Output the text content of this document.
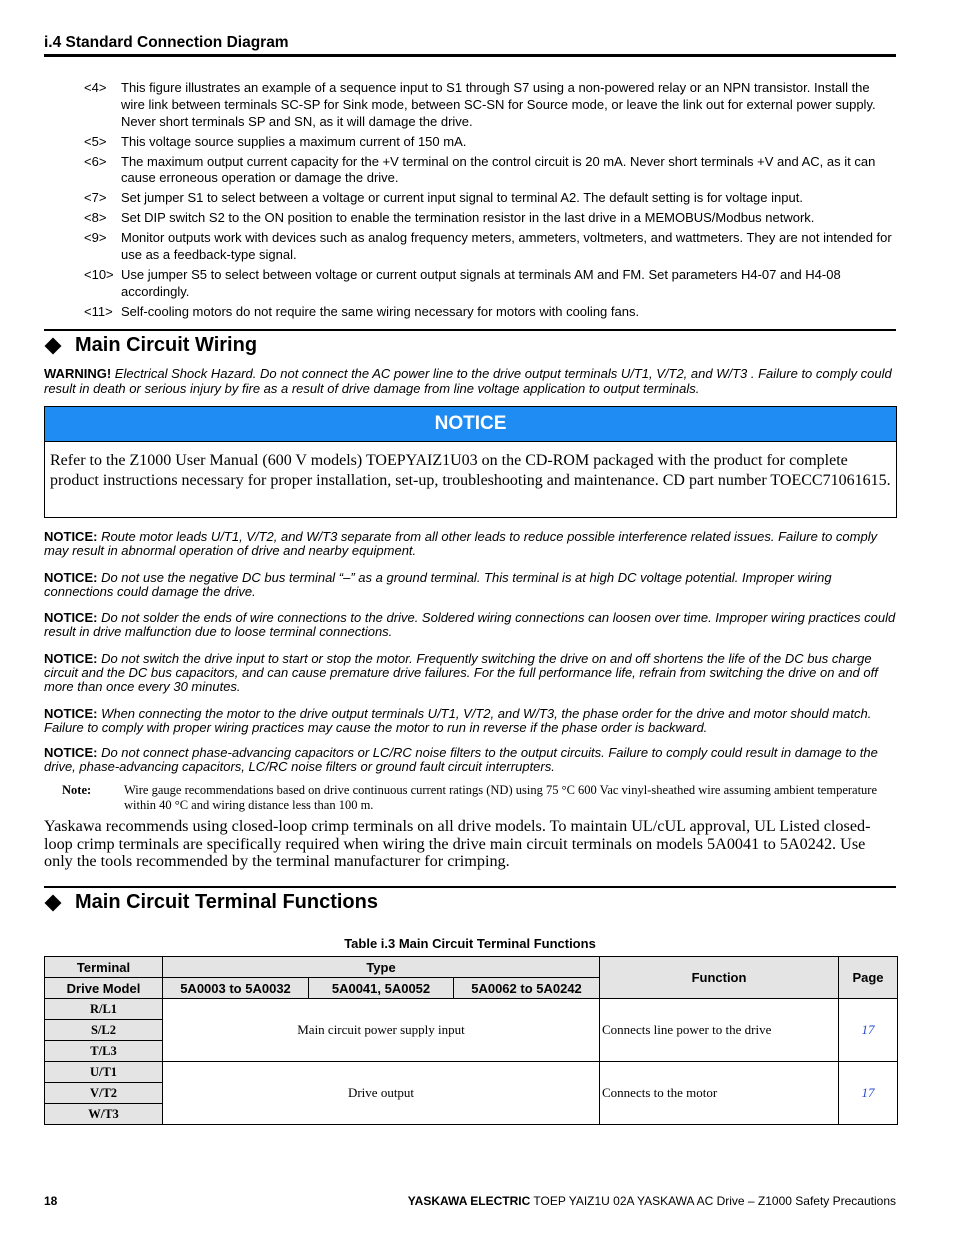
i.4 Standard Connection Diagram
<4>	This figure illustrates an example of a sequence input to S1 through S7 using a non-powered relay or an NPN transistor. Install the wire link between terminals SC-SP for Sink mode, between SC-SN for Source mode, or leave the link out for external power supply. Never short terminals SP and SN, as it will damage the drive.
<5>	This voltage source supplies a maximum current of 150 mA.
<6>	The maximum output current capacity for the +V terminal on the control circuit is 20 mA. Never short terminals +V and AC, as it can cause erroneous operation or damage the drive.
<7>	Set jumper S1 to select between a voltage or current input signal to terminal A2. The default setting is for voltage input.
<8>	Set DIP switch S2 to the ON position to enable the termination resistor in the last drive in a MEMOBUS/Modbus network.
<9>	Monitor outputs work with devices such as analog frequency meters, ammeters, voltmeters, and wattmeters. They are not intended for use as a feedback-type signal.
<10> Use jumper S5 to select between voltage or current output signals at terminals AM and FM. Set parameters H4-07 and H4-08 accordingly.
<11> Self-cooling motors do not require the same wiring necessary for motors with cooling fans.
Main Circuit Wiring
WARNING! Electrical Shock Hazard. Do not connect the AC power line to the drive output terminals U/T1, V/T2, and W/T3 . Failure to comply could result in death or serious injury by fire as a result of drive damage from line voltage application to output terminals.
NOTICE
Refer to the Z1000 User Manual (600 V models) TOEPYAIZ1U03 on the CD-ROM packaged with the product for complete product instructions necessary for proper installation, set-up, troubleshooting and maintenance. CD part number TOECC71061615.
NOTICE: Route motor leads U/T1, V/T2, and W/T3 separate from all other leads to reduce possible interference related issues. Failure to comply may result in abnormal operation of drive and nearby equipment.
NOTICE: Do not use the negative DC bus terminal “–” as a ground terminal. This terminal is at high DC voltage potential. Improper wiring connections could damage the drive.
NOTICE: Do not solder the ends of wire connections to the drive. Soldered wiring connections can loosen over time. Improper wiring practices could result in drive malfunction due to loose terminal connections.
NOTICE: Do not switch the drive input to start or stop the motor. Frequently switching the drive on and off shortens the life of the DC bus charge circuit and the DC bus capacitors, and can cause premature drive failures. For the full performance life, refrain from switching the drive on and off more than once every 30 minutes.
NOTICE: When connecting the motor to the drive output terminals U/T1, V/T2, and W/T3, the phase order for the drive and motor should match. Failure to comply with proper wiring practices may cause the motor to run in reverse if the phase order is backward.
NOTICE: Do not connect phase-advancing capacitors or LC/RC noise filters to the output circuits. Failure to comply could result in damage to the drive, phase-advancing capacitors, LC/RC noise filters or ground fault circuit interrupters.
Note:	Wire gauge recommendations based on drive continuous current ratings (ND) using 75 °C 600 Vac vinyl-sheathed wire assuming ambient temperature within 40 °C and wiring distance less than 100 m.
Yaskawa recommends using closed-loop crimp terminals on all drive models. To maintain UL/cUL approval, UL Listed closed-loop crimp terminals are specifically required when wiring the drive main circuit terminals on models 5A0041 to 5A0242. Use only the tools recommended by the terminal manufacturer for crimping.
Main Circuit Terminal Functions
Table i.3 Main Circuit Terminal Functions
Terminal	Type			Function	Page
Drive Model	5A0003 to 5A0032	5A0041, 5A0052	5A0062 to 5A0242		
R/L1	Main circuit power supply input			Connects line power to the drive	17
S/L2					
T/L3					
U/T1	Drive output			Connects to the motor	17
V/T2					
W/T3					
18	YASKAWA ELECTRIC TOEP YAIZ1U 02A YASKAWA AC Drive – Z1000 Safety Precautions
